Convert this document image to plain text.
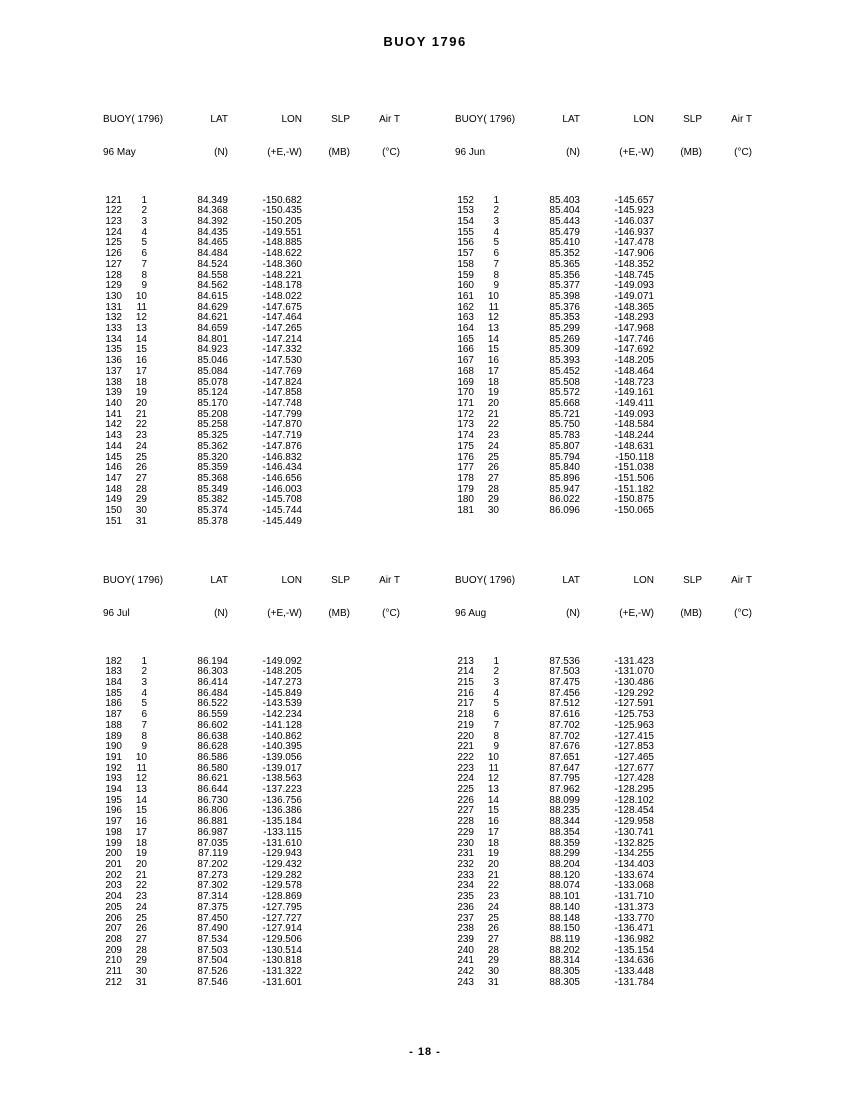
BUOY 1796

BUOY( 1796)	LAT	LON	SLP	Air T

96 May	(N)	(+E,-W)	(MB)	(°C)

121	1	84.349	-150.682
122	2	84.368	-150.435
123	3	84.392	-150.205
124	4	84.435	-149.551
125	5	84.465	-148.885
126	6	84.484	-148.622
127	7	84.524	-148.360
128	8	84.558	-148.221
129	9	84.562	-148.178
130	10	84.615	-148.022
131	11	84.629	-147.675
132	12	84.621	-147.464
133	13	84.659	-147.265
134	14	84.801	-147.214
135	15	84.923	-147.332
136	16	85.046	-147.530
137	17	85.084	-147.769
138	18	85.078	-147.824
139	19	85.124	-147.858
140	20	85.170	-147.748
141	21	85.208	-147.799
142	22	85.258	-147.870
143	23	85.325	-147.719
144	24	85.362	-147.876
145	25	85.320	-146.832
146	26	85.359	-146.434
147	27	85.368	-146.656
148	28	85.349	-146.003
149	29	85.382	-145.708
150	30	85.374	-145.744
151	31	85.378	-145.449

BUOY( 1796)	LAT	LON	SLP	Air T

96 Jun	(N)	(+E,-W)	(MB)	(°C)

152	1	85.403	-145.657
153	2	85.404	-145.923
154	3	85.443	-146.037
155	4	85.479	-146.937
156	5	85.410	-147.478
157	6	85.352	-147.906
158	7	85.365	-148.352
159	8	85.356	-148.745
160	9	85.377	-149.093
161	10	85.398	-149.071
162	11	85.376	-148.365
163	12	85.353	-148.293
164	13	85.299	-147.968
165	14	85.269	-147.746
166	15	85.309	-147.692
167	16	85.393	-148.205
168	17	85.452	-148.464
169	18	85.508	-148.723
170	19	85.572	-149.161
171	20	85.668	-149.411
172	21	85.721	-149.093
173	22	85.750	-148.584
174	23	85.783	-148.244
175	24	85.807	-148.631
176	25	85.794	-150.118
177	26	85.840	-151.038
178	27	85.896	-151.506
179	28	85.947	-151.182
180	29	86.022	-150.875
181	30	86.096	-150.065

BUOY( 1796)	LAT	LON	SLP	Air T

96 Jul	(N)	(+E,-W)	(MB)	(°C)

182	1	86.194	-149.092
183	2	86.303	-148.205
184	3	86.414	-147.273
185	4	86.484	-145.849
186	5	86.522	-143.539
187	6	86.559	-142.234
188	7	86.602	-141.128
189	8	86.638	-140.862
190	9	86.628	-140.395
191	10	86.586	-139.056
192	11	86.580	-139.017
193	12	86.621	-138.563
194	13	86.644	-137.223
195	14	86.730	-136.756
196	15	86.806	-136.386
197	16	86.881	-135.184
198	17	86.987	-133.115
199	18	87.035	-131.610
200	19	87.119	-129.943
201	20	87.202	-129.432
202	21	87.273	-129.282
203	22	87.302	-129.578
204	23	87.314	-128.869
205	24	87.375	-127.795
206	25	87.450	-127.727
207	26	87.490	-127.914
208	27	87.534	-129.506
209	28	87.503	-130.514
210	29	87.504	-130.818
211	30	87.526	-131.322
212	31	87.546	-131.601

BUOY( 1796)	LAT	LON	SLP	Air T

96 Aug	(N)	(+E,-W)	(MB)	(°C)

213	1	87.536	-131.423
214	2	87.503	-131.070
215	3	87.475	-130.486
216	4	87.456	-129.292
217	5	87.512	-127.591
218	6	87.616	-125.753
219	7	87.702	-125.963
220	8	87.702	-127.415
221	9	87.676	-127.853
222	10	87.651	-127.465
223	11	87.647	-127.677
224	12	87.795	-127.428
225	13	87.962	-128.295
226	14	88.099	-128.102
227	15	88.235	-128.454
228	16	88.344	-129.958
229	17	88.354	-130.741
230	18	88.359	-132.825
231	19	88.299	-134.255
232	20	88.204	-134.403
233	21	88.120	-133.674
234	22	88.074	-133.068
235	23	88.101	-131.710
236	24	88.140	-131.373
237	25	88.148	-133.770
238	26	88.150	-136.471
239	27	88.119	-136.982
240	28	88.202	-135.154
241	29	88.314	-134.636
242	30	88.305	-133.448
243	31	88.305	-131.784

- 18 -
